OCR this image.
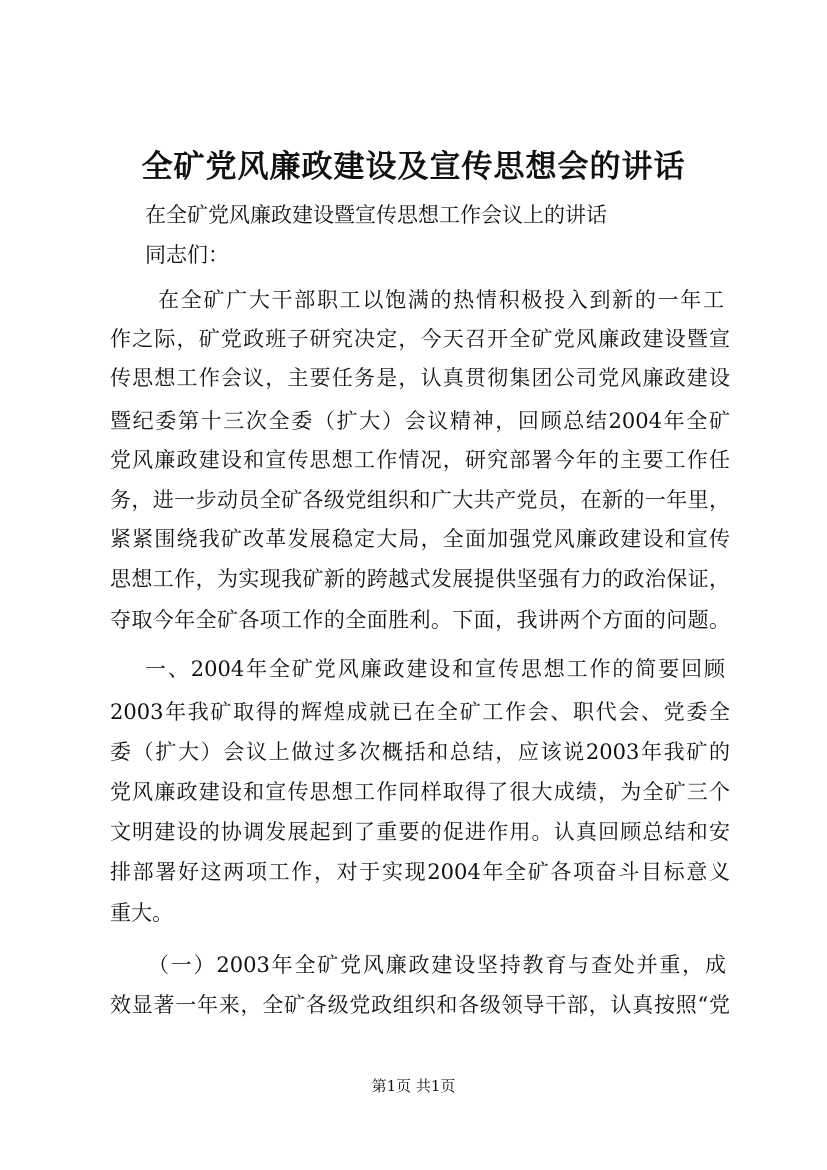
全矿党风廉政建设及宣传思想会的讲话
在全矿党风廉政建设暨宣传思想工作会议上的讲话
同志们：
在全矿广大干部职工以饱满的热情积极投入到新的一年工
作之际，矿党政班子研究决定，今天召开全矿党风廉政建设暨宣
传思想工作会议，主要任务是，认真贯彻集团公司党风廉政建设
暨纪委第十三次全委（扩大）会议精神，回顾总结2004年全矿
党风廉政建设和宣传思想工作情况，研究部署今年的主要工作任
务，进一步动员全矿各级党组织和广大共产党员，在新的一年里，
紧紧围绕我矿改革发展稳定大局，全面加强党风廉政建设和宣传
思想工作，为实现我矿新的跨越式发展提供坚强有力的政治保证，
夺取今年全矿各项工作的全面胜利。下面，我讲两个方面的问题。
一、2004年全矿党风廉政建设和宣传思想工作的简要回顾
2003年我矿取得的辉煌成就已在全矿工作会、职代会、党委全
委（扩大）会议上做过多次概括和总结，应该说2003年我矿的
党风廉政建设和宣传思想工作同样取得了很大成绩，为全矿三个
文明建设的协调发展起到了重要的促进作用。认真回顾总结和安
排部署好这两项工作，对于实现2004年全矿各项奋斗目标意义
重大。
（一）2003年全矿党风廉政建设坚持教育与查处并重，成
效显著一年来，全矿各级党政组织和各级领导干部，认真按照“党
第1页 共1页
